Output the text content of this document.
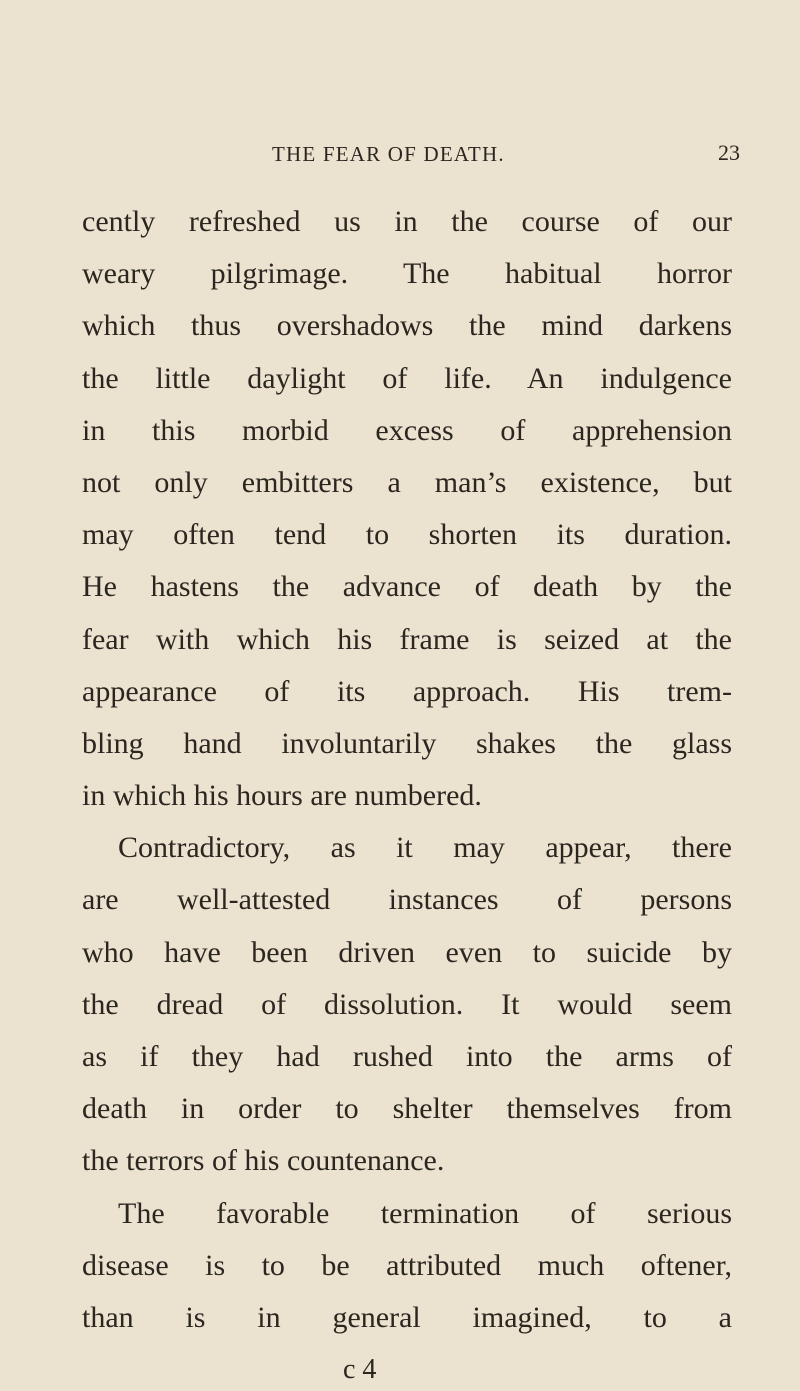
THE FEAR OF DEATH.	23
cently refreshed us in the course of our
weary pilgrimage. The habitual horror
which thus overshadows the mind darkens
the little daylight of life. An indulgence
in this morbid excess of apprehension
not only embitters a man’s existence, but
may often tend to shorten its duration.
He hastens the advance of death by the
fear with which his frame is seized at the
appearance of its approach. His trem-
bling hand involuntarily shakes the glass
in which his hours are numbered.
Contradictory, as it may appear, there
are well-attested instances of persons
who have been driven even to suicide by
the dread of dissolution. It would seem
as if they had rushed into the arms of
death in order to shelter themselves from
the terrors of his countenance.
The favorable termination of serious
disease is to be attributed much oftener,
than is in general imagined, to a
c 4
